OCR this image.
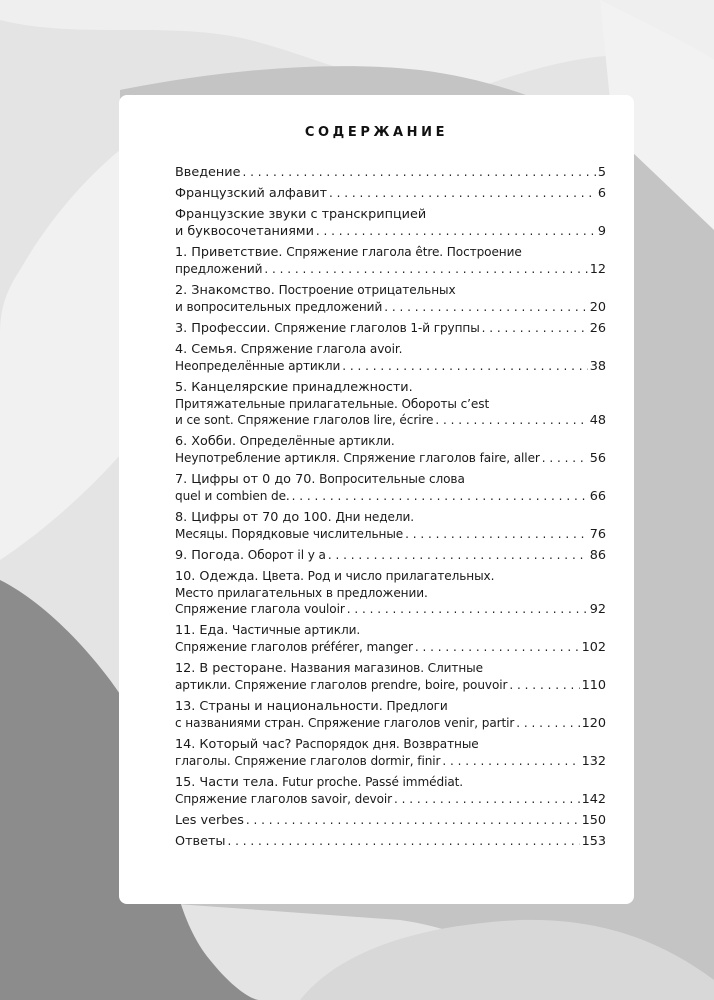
СОДЕРЖАНИЕ
Введение . . .	5
Французский алфавит . . .	6
Французские звуки с транскрипцией
и буквосочетаниями . . .	9
1. Приветствие. Спряжение глагола être. Построение
предложений . . .	12
2. Знакомство. Построение отрицательных
и вопросительных предложений . . .	20
3. Профессии. Спряжение глаголов 1-й группы . . .	26
4. Семья. Спряжение глагола avoir.
Неопределённые артикли . . .	38
5. Канцелярские принадлежности.
Притяжательные прилагательные. Обороты c’est
и ce sont. Спряжение глаголов lire, écrire . . .	48
6. Хобби. Определённые артикли.
Неупотребление артикля. Спряжение глаголов faire, aller . . .	56
7. Цифры от 0 до 70. Вопросительные слова
quel и combien de. . . .	66
8. Цифры от 70 до 100. Дни недели.
Месяцы. Порядковые числительные . . .	76
9. Погода. Оборот il y a . . .	86
10. Одежда. Цвета. Род и число прилагательных.
Место прилагательных в предложении.
Спряжение глагола vouloir . . .	92
11. Еда. Частичные артикли.
Спряжение глаголов préférer, manger . . .	102
12. В ресторане. Названия магазинов. Слитные
артикли. Спряжение глаголов prendre, boire, pouvoir . . .	110
13. Страны и национальности. Предлоги
с названиями стран. Спряжение глаголов venir, partir . . .	120
14. Который час? Распорядок дня. Возвратные
глаголы. Спряжение глаголов dormir, finir . . .	132
15. Части тела. Futur proche. Passé immédiat.
Спряжение глаголов savoir, devoir . . .	142
Les verbes . . .	150
Ответы . . .	153
